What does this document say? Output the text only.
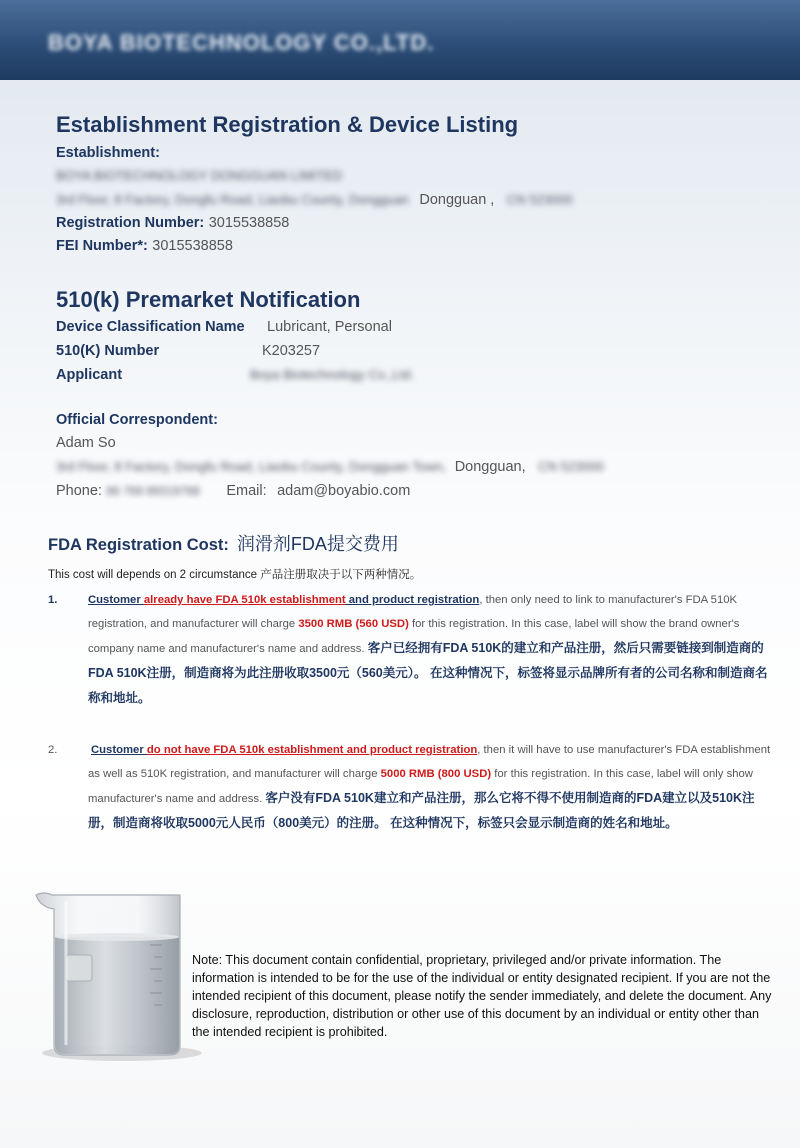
BOYA BIOTECHNOLOGY CO.,LTD.
Establishment Registration & Device Listing
Establishment:
BOYA BIOTECHNOLOGY DONGGUAN LIMITED
3rd Floor, 8 Factory, Dongfu Road, Liaobu County, Dongguan Dongguan , CN 523000
Registration Number: 3015538858
FEI Number*: 3015538858
510(k) Premarket Notification
Device Classification Name Lubricant, Personal
510(K) Number	K203257
Applicant	Boya Biotechnology Co.,Ltd.
Official Correspondent:
Adam So
3rd Floor, 8 Factory, Dongfu Road, Liaobu County, Dongguan Town, Dongguan, CN 523000
Phone: 86 769 89319768 Email: adam@boyabio.com
FDA Registration Cost: 润滑剂FDA提交费用
This cost will depends on 2 circumstance 产品注册取决于以下两种情况。
1.	Customer already have FDA 510k establishment and product registration, then only need to link to manufacturer's FDA 510K registration, and manufacturer will charge 3500 RMB (560 USD) for this registration. In this case, label will show the brand owner's company name and manufacturer's name and address. 客户已经拥有FDA 510K的建立和产品注册，然后只需要链接到制造商的FDA 510K注册，制造商将为此注册收取3500元（560美元）。 在这种情况下，标签将显示品牌所有者的公司名称和制造商名称和地址。
2.	Customer do not have FDA 510k establishment and product registration, then it will have to use manufacturer's FDA establishment as well as 510K registration, and manufacturer will charge 5000 RMB (800 USD) for this registration. In this case, label will only show manufacturer's name and address. 客户没有FDA 510K建立和产品注册，那么它将不得不使用制造商的FDA建立以及510K注册，制造商将收取5000元人民币（800美元）的注册。 在这种情况下，标签只会显示制造商的姓名和地址。
Note: This document contain confidential, proprietary, privileged and/or private information. The information is intended to be for the use of the individual or entity designated recipient. If you are not the intended recipient of this document, please notify the sender immediately, and delete the document. Any disclosure, reproduction, distribution or other use of this document by an individual or entity other than the intended recipient is prohibited.
